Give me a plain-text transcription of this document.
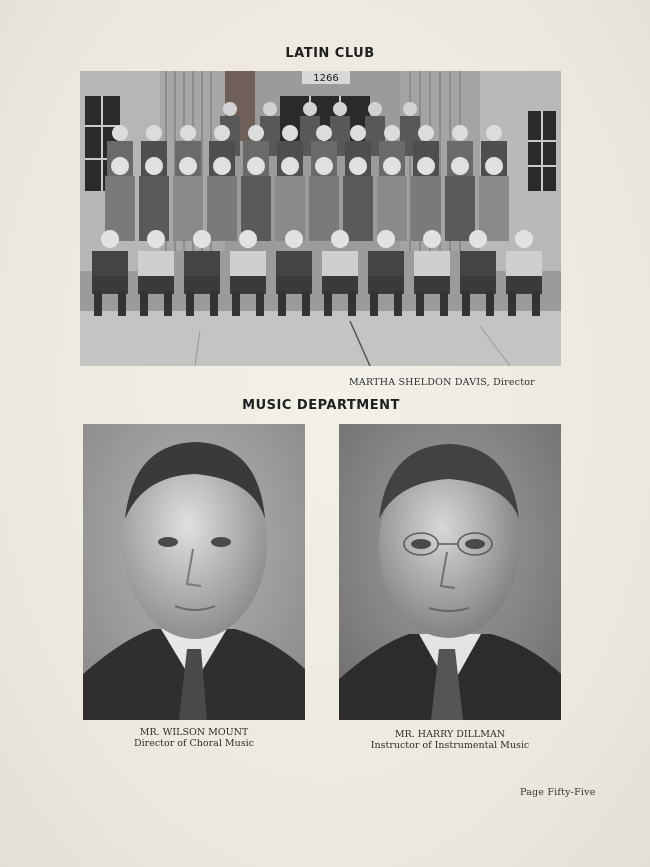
LATIN CLUB
1266
MARTHA SHELDON DAVIS, Director
MUSIC DEPARTMENT
MR. WILSON MOUNT
Director of Choral Music
MR. HARRY DILLMAN
Instructor of Instrumental Music
Page Fifty-Five
